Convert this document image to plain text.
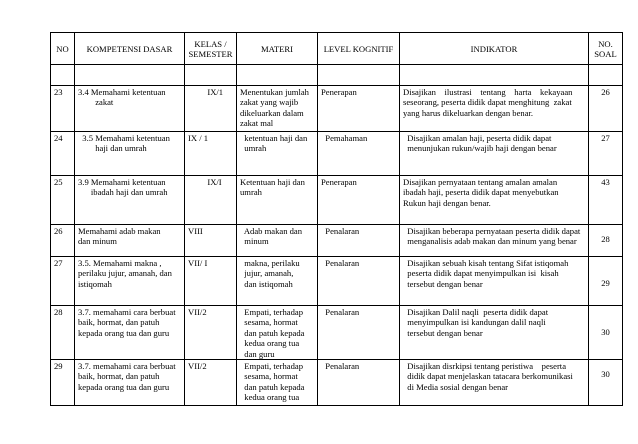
NO	KOMPETENSI DASAR	KELAS /
SEMESTER	MATERI	LEVEL KOGNITIF	INDIKATOR	NO.
SOAL

23	3.4 Memahami ketentuan
zakat	IX/1	Menentukan jumlah
zakat yang wajib
dikeluarkan dalam
zakat mal	Penerapan	Disajikan    ilustrasi    tentang    harta    kekayaan
seseorang, peserta didik dapat menghitung  zakat
yang harus dikeluarkan dengan benar.	26

24	3.5 Memahami ketentuan
haji dan umrah	IX / 1	ketentuan haji dan
umrah	Pemahaman	Disajikan amalan haji, peserta didik dapat
menunjukan rukun/wajib haji dengan benar	27

25	3.9 Memahami ketentuan
ibadah haji dan umrah	IX/I	Ketentuan haji dan
umrah	Penerapan	Disajikan pernyataan tentang amalan amalan
ibadah haji, peserta didik dapat menyebutkan
Rukun haji dengan benar.	43

26	Memahami adab makan
dan minum	VIII	Adab makan dan
minum	Penalaran	Disajikan beberapa pernyataan peserta didik dapat
menganalisis adab makan dan minum yang benar	28

27	3.5. Memahami makna ,
perilaku jujur, amanah, dan
istiqomah	VII/ I	makna, perilaku
jujur, amanah,
dan istiqomah	Penalaran	Disajikan sebuah kisah tentang Sifat istiqomah
peserta didik dapat menyimpulkan isi  kisah
tersebut dengan benar	29

28	3.7. memahami cara berbuat
baik, hormat, dan patuh
kepada orang tua dan guru	VII/2	Empati, terhadap
sesama, hormat
dan patuh kepada
kedua orang tua
dan guru	Penalaran	Disajikan Dalil naqli  peserta didik dapat
menyimpulkan isi kandungan dalil naqli
tersebut dengan benar	30

29	3.7. memahami cara berbuat
baik, hormat, dan patuh
kepada orang tua dan guru	VII/2	Empati, terhadap
sesama, hormat
dan patuh kepada
kedua orang tua	Penalaran	Disajikan disrkipsi tentang peristiwa    peserta
didik dapat menjelaskan tatacara berkomunikasi
di Media sosial dengan benar	30
